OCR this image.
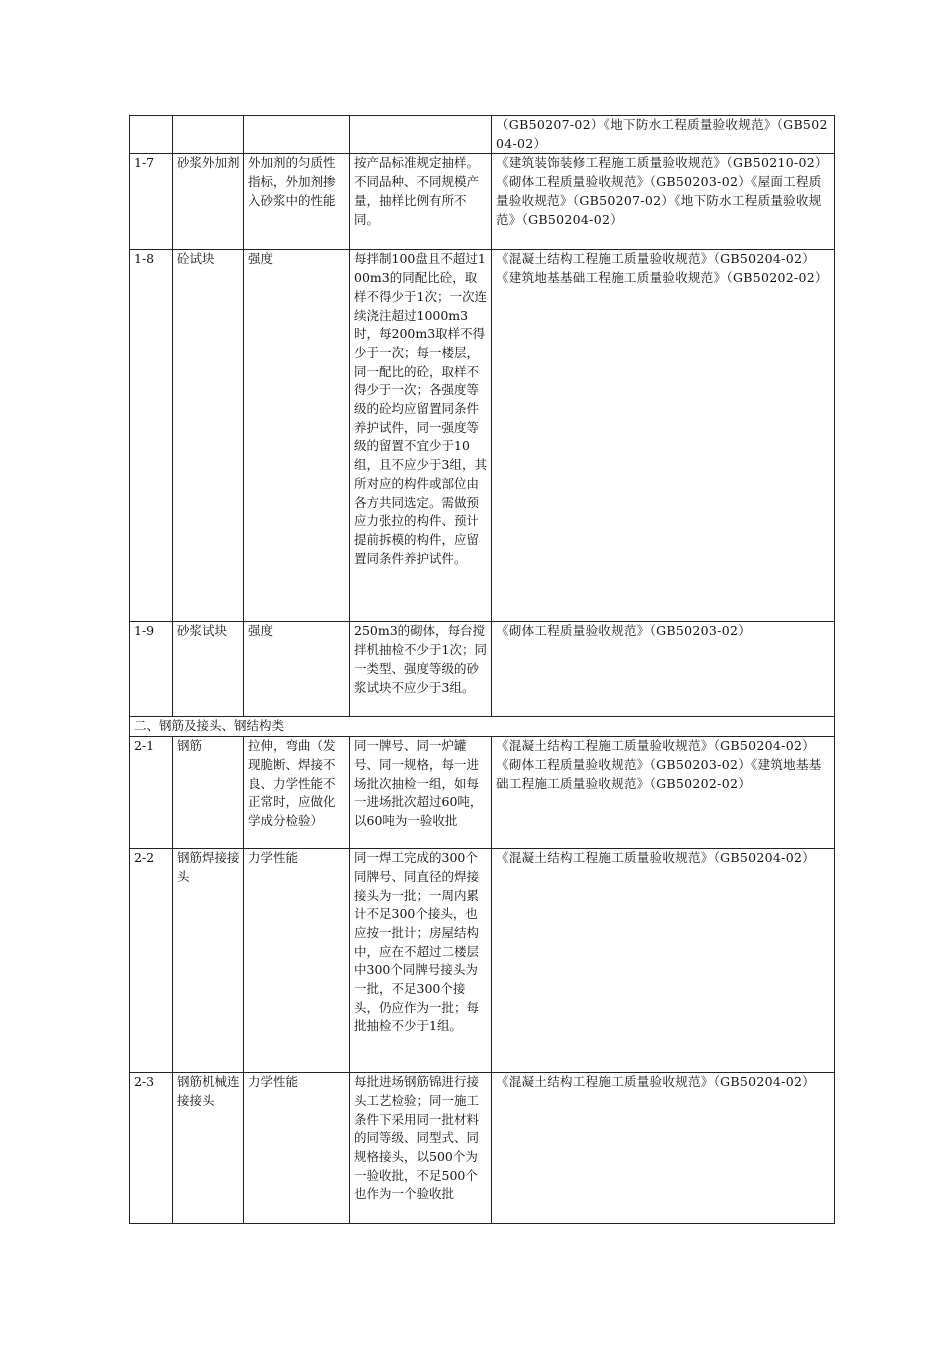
				（GB50207-02）《地下防水工程质量验收规范》（GB50204-02）

1-7	砂浆外加剂	外加剂的匀质性指标，外加剂掺入砂浆中的性能	按产品标准规定抽样。不同品种、不同规模产量，抽样比例有所不同。	《建筑装饰装修工程施工质量验收规范》（GB50210-02）《砌体工程质量验收规范》（GB50203-02）《屋面工程质量验收规范》（GB50207-02）《地下防水工程质量验收规范》（GB50204-02）

1-8	砼试块	强度	每拌制100盘且不超过100m3的同配比砼，取样不得少于1次；一次连续浇注超过1000m3时，每200m3取样不得少于一次；每一楼层，同一配比的砼，取样不得少于一次；各强度等级的砼均应留置同条件养护试件，同一强度等级的留置不宜少于10组，且不应少于3组，其所对应的构件或部位由各方共同选定。需做预应力张拉的构件、预计提前拆模的构件，应留置同条件养护试件。	《混凝土结构工程施工质量验收规范》（GB50204-02）
《建筑地基基础工程施工质量验收规范》（GB50202-02）

1-9	砂浆试块	强度	250m3的砌体，每台搅拌机抽检不少于1次；同一类型、强度等级的砂浆试块不应少于3组。	《砌体工程质量验收规范》（GB50203-02）

二、钢筋及接头、钢结构类				
2-1	钢筋	拉伸，弯曲（发现脆断、焊接不良、力学性能不正常时，应做化学成分检验）	同一牌号、同一炉罐号、同一规格，每一进场批次抽检一组，如每一进场批次超过60吨，以60吨为一验收批	《混凝土结构工程施工质量验收规范》（GB50204-02）
《砌体工程质量验收规范》（GB50203-02）《建筑地基基础工程施工质量验收规范》（GB50202-02）

2-2	钢筋焊接接头	力学性能	同一焊工完成的300个同牌号、同直径的焊接接头为一批；一周内累计不足300个接头，也应按一批计；房屋结构中，应在不超过二楼层中300个同牌号接头为一批，不足300个接头，仍应作为一批；每批抽检不少于1组。	《混凝土结构工程施工质量验收规范》（GB50204-02）

2-3	钢筋机械连接接头	力学性能	每批进场钢筋锦进行接头工艺检验；同一施工条件下采用同一批材料的同等级、同型式、同规格接头，以500个为一验收批，不足500个也作为一个验收批	《混凝土结构工程施工质量验收规范》（GB50204-02）
